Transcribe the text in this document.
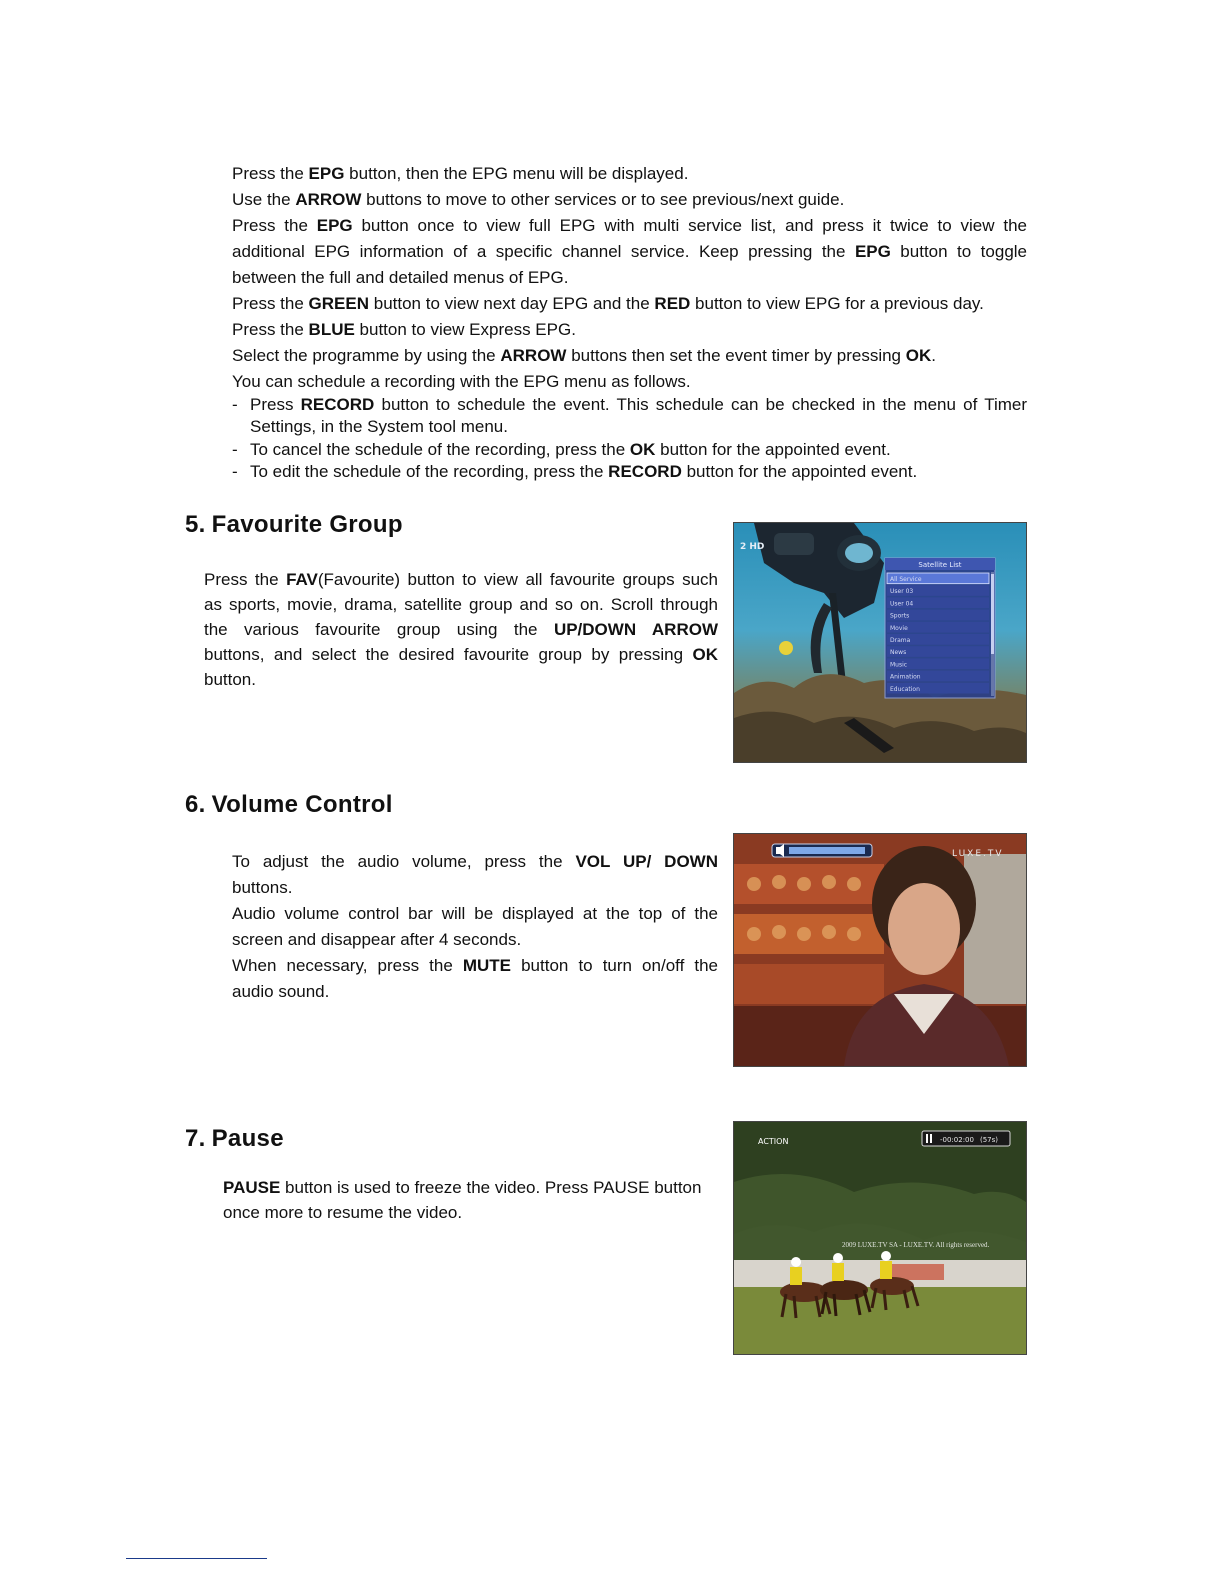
Press the EPG button, then the EPG menu will be displayed.

Use the ARROW buttons to move to other services or to see previous/next guide.

Press the EPG button once to view full EPG with multi service list, and press it twice to view the

additional EPG information of a specific channel service. Keep pressing the EPG button to toggle

between the full and detailed menus of EPG.

Press the GREEN button to view next day EPG and the RED button to view EPG for a previous day.

Press the BLUE button to view Express EPG.

Select the programme by using the ARROW buttons then set the event timer by pressing OK.

You can schedule a recording with the EPG menu as follows.

- Press RECORD button to schedule the event. This schedule can be checked in the menu of Timer

Settings, in the System tool menu.

- To cancel the schedule of the recording, press the OK button for the appointed event.

- To edit the schedule of the recording, press the RECORD button for the appointed event.

5. Favourite Group

Press the FAV(Favourite) button to view all favourite groups such

as sports, movie, drama, satellite group and so on. Scroll through

the various favourite group using the UP/DOWN ARROW

buttons, and select the desired favourite group by pressing OK

button.

2 HD
Satellite List
All Service
User 03
User 04
Sports
Movie
Drama
News
Music
Animation
Education
6. Volume Control

To adjust the audio volume, press the VOL UP/ DOWN

buttons.

Audio volume control bar will be displayed at the top of the

screen and disappear after 4 seconds.

When necessary, press the MUTE button to turn on/off the

audio sound.

LUXE.TV
7. Pause

PAUSE button is used to freeze the video. Press PAUSE button

once more to resume the video.

ACTION	-00:02:00 (57s)
2009 LUXE.TV SA - LUXE.TV. All rights reserved.
